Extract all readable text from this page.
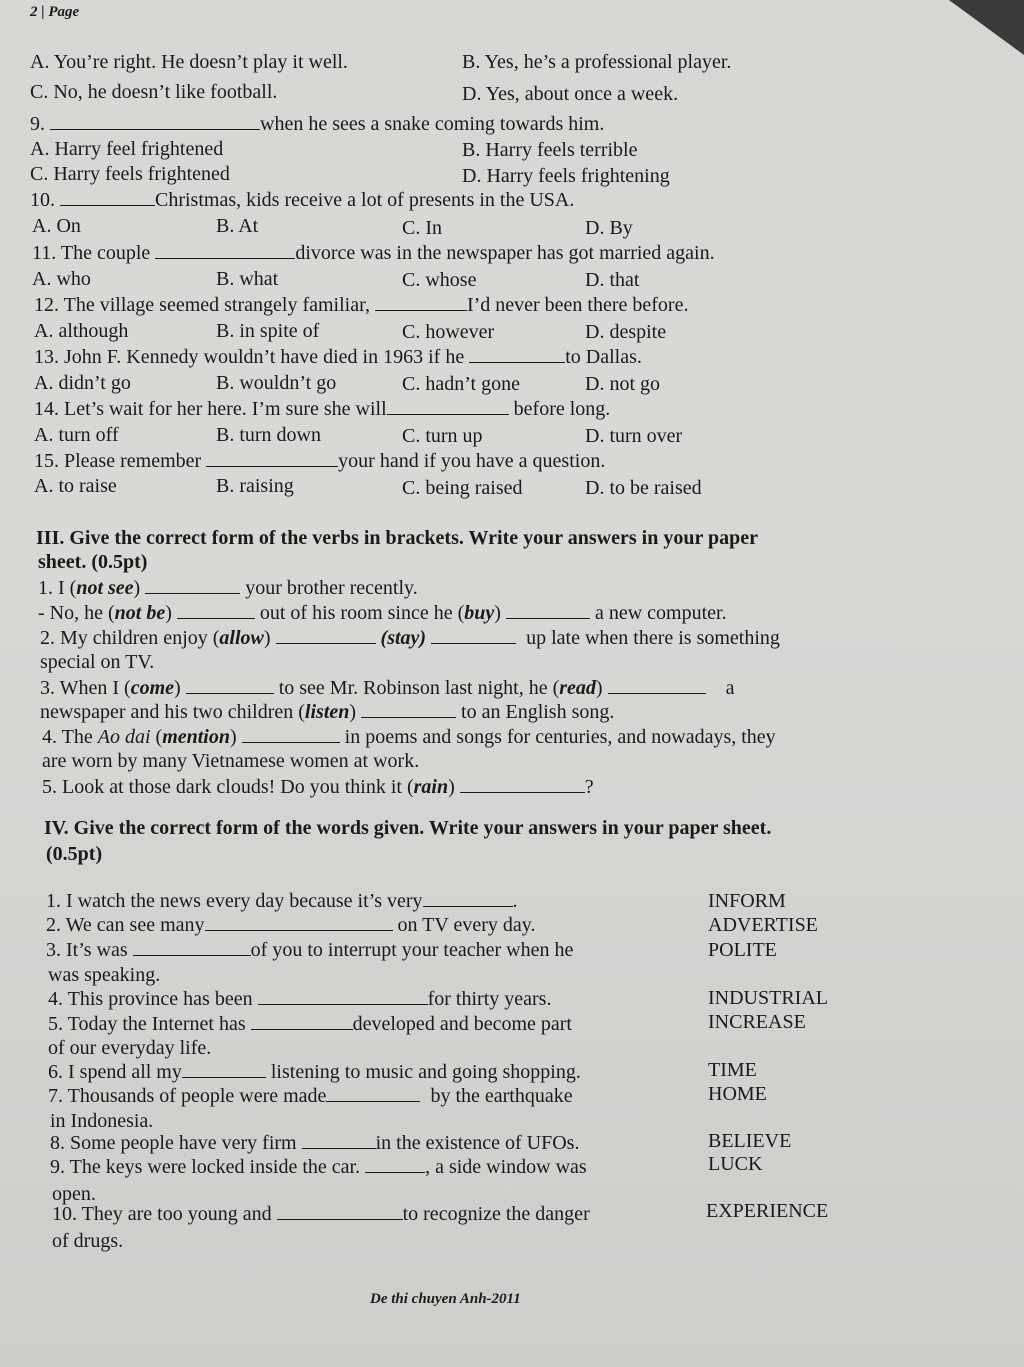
2 | Page
A. You’re right. He doesn’t play it well.	B. Yes, he’s a professional player.
C. No, he doesn’t like football.	D. Yes, about once a week.
9.	when he sees a snake coming towards him.
A. Harry feel frightened	B. Harry feels terrible
C. Harry feels frightened	D. Harry feels frightening
10.	Christmas, kids receive a lot of presents in the USA.
A. On	B. At	C. In	D. By
11. The couple	divorce was in the newspaper has got married again.
A. who	B. what	C. whose	D. that
12. The village seemed strangely familiar,	I’d never been there before.
A. although	B. in spite of	C. however	D. despite
13. John F. Kennedy wouldn’t have died in 1963 if he	to Dallas.
A. didn’t go	B. wouldn’t go	C. hadn’t gone	D. not go
14. Let’s wait for her here. I’m sure she will	before long.
A. turn off	B. turn down	C. turn up	D. turn over
15. Please remember	your hand if you have a question.
A. to raise	B. raising	C. being raised	D. to be raised
III. Give the correct form of the verbs in brackets. Write your answers in your paper
sheet. (0.5pt)
1. I (not see)	your brother recently.
- No, he (not be)	out of his room since he (buy)	a new computer.
2. My children enjoy (allow)	(stay)	up late when there is something
special on TV.
3. When I (come)	to see Mr. Robinson last night, he (read)	a
newspaper and his two children (listen)	to an English song.
4. The Ao dai (mention)	in poems and songs for centuries, and nowadays, they
are worn by many Vietnamese women at work.
5. Look at those dark clouds! Do you think it (rain)	?
IV. Give the correct form of the words given. Write your answers in your paper sheet.
(0.5pt)
1. I watch the news every day because it’s very	.	INFORM
2. We can see many	on TV every day.	ADVERTISE
3. It’s was	of you to interrupt your teacher when he	POLITE
was speaking.
4. This province has been	for thirty years.	INDUSTRIAL
5. Today the Internet has	developed and become part	INCREASE
of our everyday life.
6. I spend all my	listening to music and going shopping.	TIME
7. Thousands of people were made	by the earthquake	HOME
in Indonesia.
8. Some people have very firm	in the existence of UFOs.	BELIEVE
9. The keys were locked inside the car.	, a side window was	LUCK
open.
10. They are too young and	to recognize the danger	EXPERIENCE
of drugs.
De thi chuyen Anh-2011
